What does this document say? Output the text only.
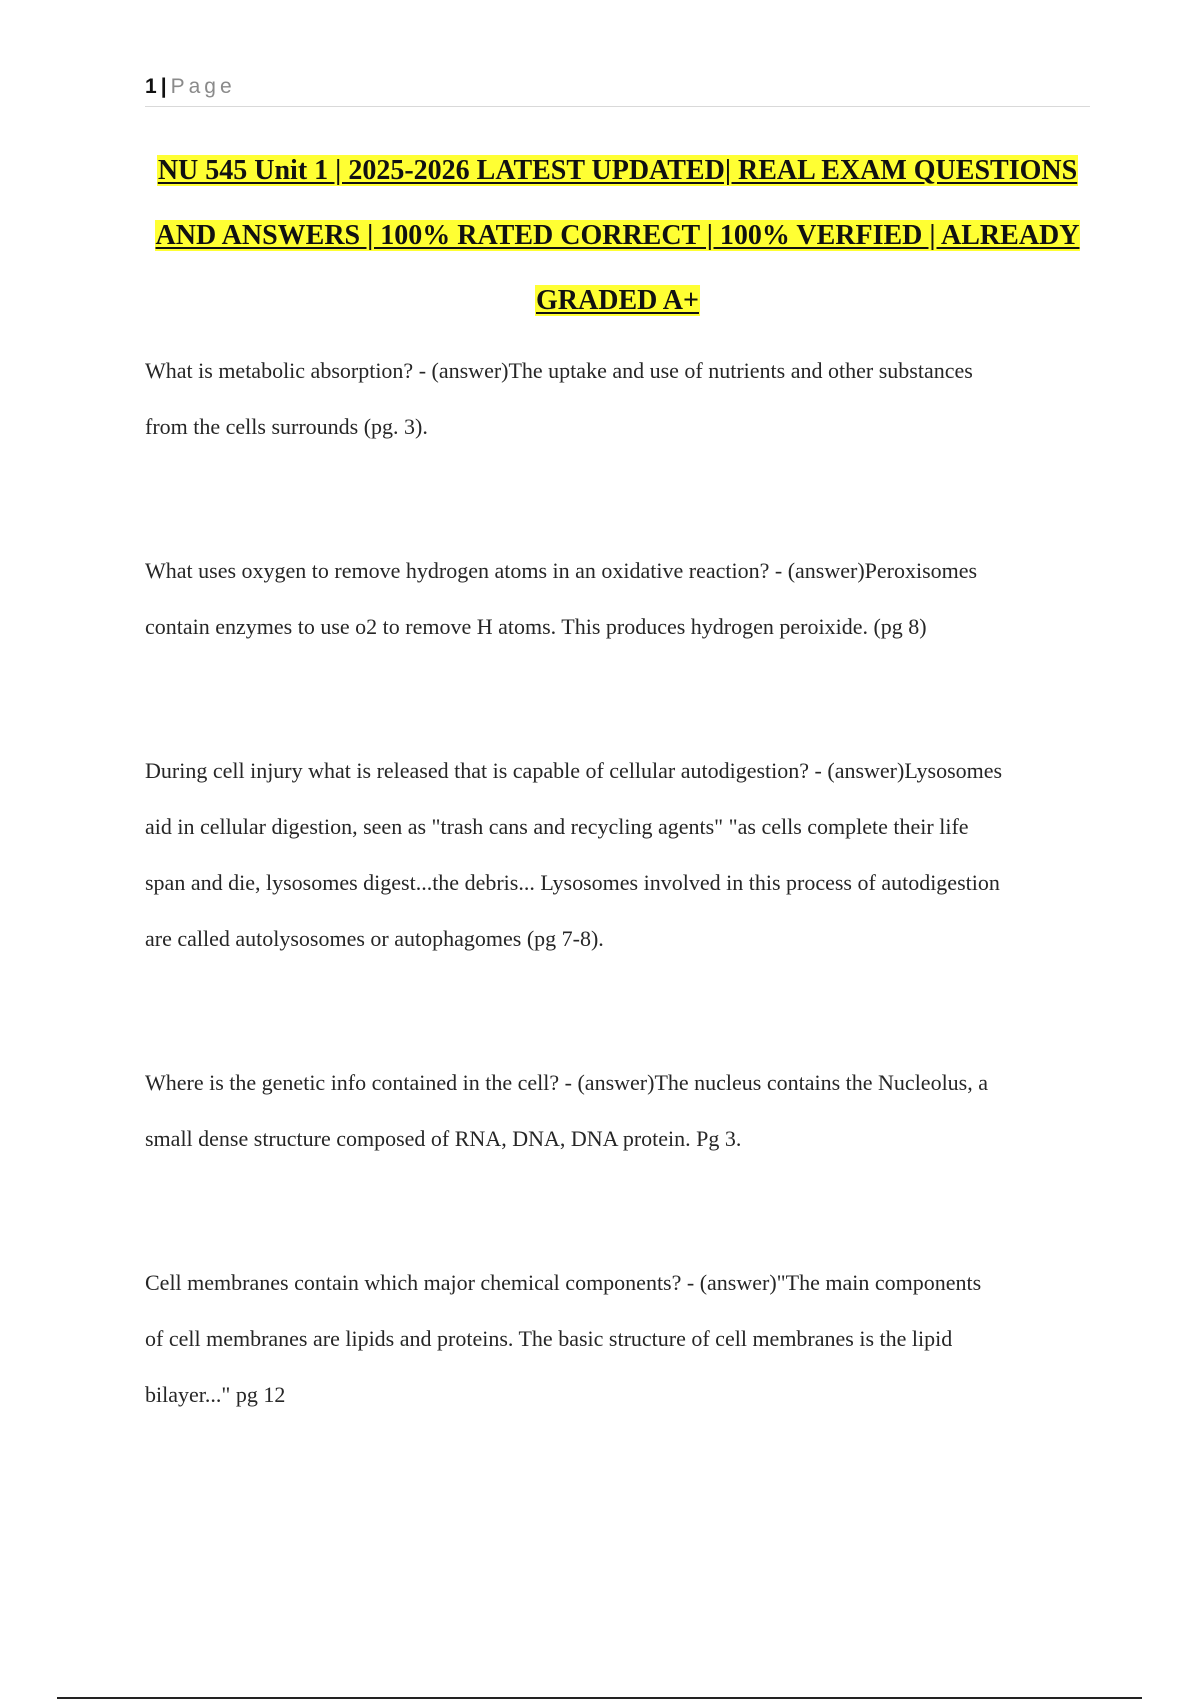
1 | Page
NU 545 Unit 1 | 2025-2026 LATEST UPDATED| REAL EXAM QUESTIONS
AND ANSWERS | 100% RATED CORRECT | 100% VERFIED | ALREADY
GRADED A+

What is metabolic absorption? - (answer)The uptake and use of nutrients and other substances
from the cells surrounds (pg. 3).

What uses oxygen to remove hydrogen atoms in an oxidative reaction? - (answer)Peroxisomes
contain enzymes to use o2 to remove H atoms. This produces hydrogen peroixide. (pg 8)

During cell injury what is released that is capable of cellular autodigestion? - (answer)Lysosomes
aid in cellular digestion, seen as "trash cans and recycling agents" "as cells complete their life
span and die, lysosomes digest...the debris... Lysosomes involved in this process of autodigestion
are called autolysosomes or autophagomes (pg 7-8).

Where is the genetic info contained in the cell? - (answer)The nucleus contains the Nucleolus, a
small dense structure composed of RNA, DNA, DNA protein. Pg 3.

Cell membranes contain which major chemical components? - (answer)"The main components
of cell membranes are lipids and proteins. The basic structure of cell membranes is the lipid
bilayer..." pg 12
